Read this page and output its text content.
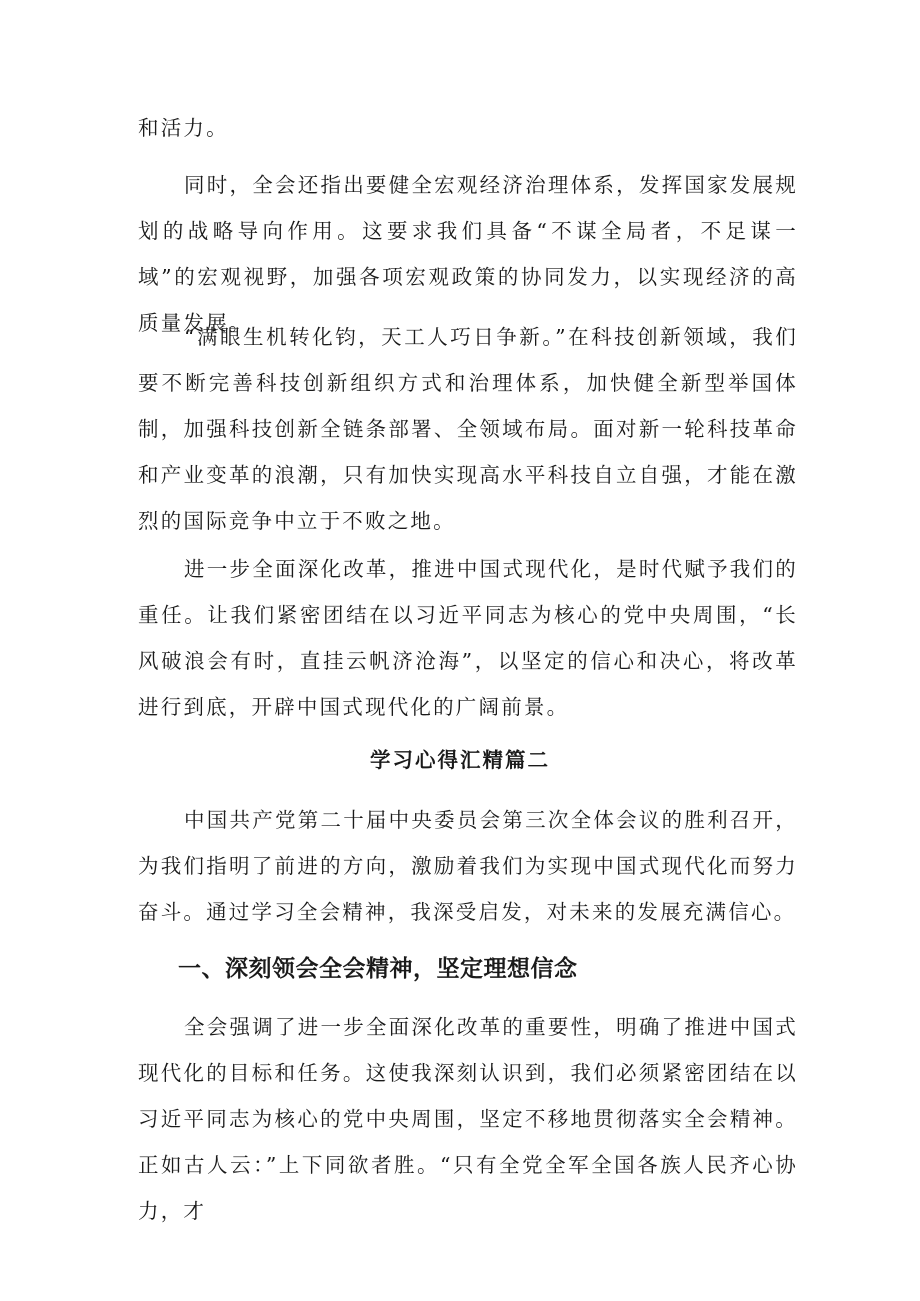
和活力。

同时，全会还指出要健全宏观经济治理体系，发挥国家发展规划的战略导向作用。这要求我们具备“不谋全局者，不足谋一域”的宏观视野，加强各项宏观政策的协同发力，以实现经济的高质量发展。

“满眼生机转化钧，天工人巧日争新。”在科技创新领域，我们要不断完善科技创新组织方式和治理体系，加快健全新型举国体制，加强科技创新全链条部署、全领域布局。面对新一轮科技革命和产业变革的浪潮，只有加快实现高水平科技自立自强，才能在激烈的国际竞争中立于不败之地。

进一步全面深化改革，推进中国式现代化，是时代赋予我们的重任。让我们紧密团结在以习近平同志为核心的党中央周围，“长风破浪会有时，直挂云帆济沧海”，以坚定的信心和决心，将改革进行到底，开辟中国式现代化的广阔前景。

学习心得汇精篇二

中国共产党第二十届中央委员会第三次全体会议的胜利召开，为我们指明了前进的方向，激励着我们为实现中国式现代化而努力奋斗。通过学习全会精神，我深受启发，对未来的发展充满信心。

一、深刻领会全会精神，坚定理想信念

全会强调了进一步全面深化改革的重要性，明确了推进中国式现代化的目标和任务。这使我深刻认识到，我们必须紧密团结在以习近平同志为核心的党中央周围，坚定不移地贯彻落实全会精神。正如古人云：”上下同欲者胜。“只有全党全军全国各族人民齐心协力，才
